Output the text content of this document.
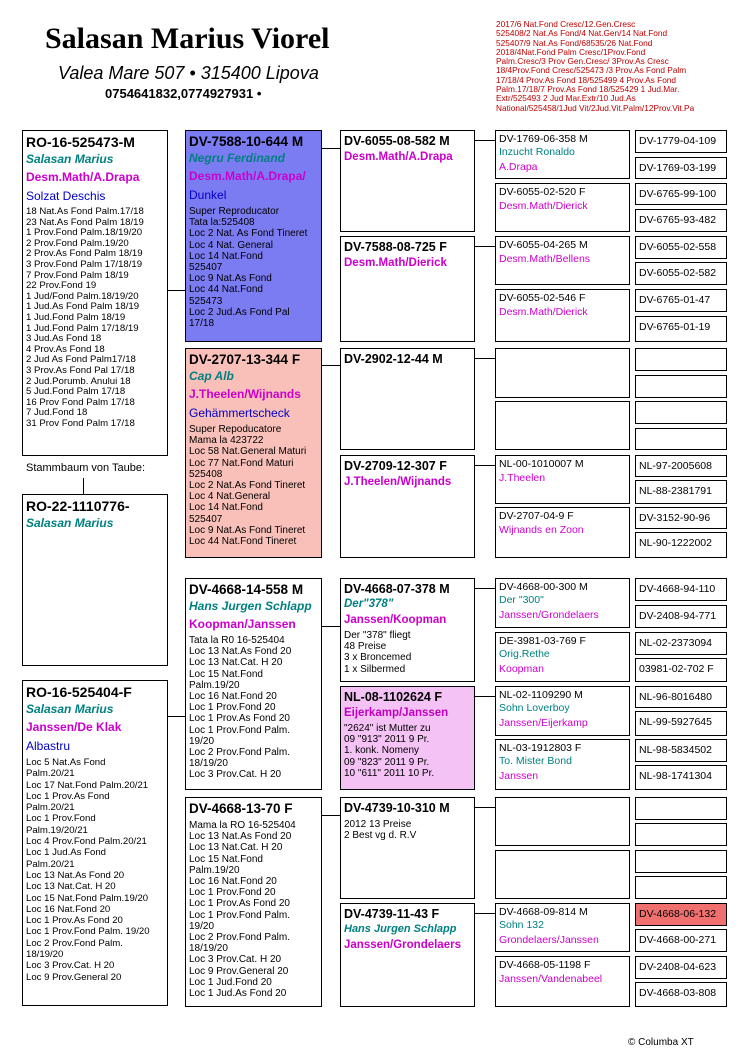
Salasan Marius Viorel
Valea Mare 507 • 315400 Lipova
0754641832,0774927931 •
2017/6 Nat.Fond Cresc/12.Gen.Cresc
525408/2 Nat.As Fond/4 Nat.Gen/14 Nat.Fond
525407/9 Nat.As Fond/68535/26 Nat.Fond
2018/4Nat.Fond Palm Cresc/1Prov.Fond
Palm.Cresc/3 Prov Gen.Cresc/ 3Prov.As Cresc
18/4Prov.Fond Cresc/525473 /3 Prov.As Fond Palm
17/18/4 Prov.As Fond 18/525499 4 Prov.As Fond
Palm.17/18/7 Prov.As Fond 18/525429 1 Jud.Mar.
Extr/525493 2 Jud Mar.Extr/10 Jud.As
National/525458/1Jud Vit/2Jud.Vit.Palm/12Prov.Vit.Pa
RO-16-525473-M
Salasan Marius
Desm.Math/A.Drapa
Solzat Deschis
18 Nat.As Fond Palm.17/18
23 Nat.As Fond Palm 18/19
1 Prov.Fond Palm.18/19/20
2 Prov.Fond Palm.19/20
2 Prov.As Fond Palm 18/19
3 Prov.Fond Palm 17/18/19
7 Prov.Fond Palm 18/19
22 Prov.Fond 19
1 Jud/Fond Palm.18/19/20
1 Jud.As Fond Palm 18/19
1 Jud.Fond Palm 18/19
1 Jud.Fond Palm 17/18/19
3 Jud.As Fond 18
4 Prov.As Fond 18
2 Jud As Fond Palm17/18
3 Prov.As Fond Pal 17/18
2 Jud.Porumb. Anului 18
5 Jud.Fond Palm 17/18
16 Prov Fond Palm 17/18
7 Jud.Fond 18
31 Prov Fond Palm 17/18
Stammbaum von Taube:
RO-22-1110776-
Salasan Marius
RO-16-525404-F
Salasan Marius
Janssen/De Klak
Albastru
Loc 5 Nat.As Fond
Palm.20/21
Loc 17 Nat.Fond Palm.20/21
Loc 1 Prov.As Fond
Palm.20/21
Loc 1 Prov.Fond
Palm.19/20/21
Loc 4 Prov.Fond Palm.20/21
Loc 1 Jud.As Fond
Palm.20/21
Loc 13 Nat.As Fond 20
Loc 13 Nat.Cat. H 20
Loc 15 Nat.Fond Palm.19/20
Loc 16 Nat.Fond 20
Loc 1 Prov.As Fond 20
Loc 1 Prov.Fond Palm. 19/20
Loc 2 Prov.Fond Palm.
18/19/20
Loc 3 Prov.Cat. H 20
Loc 9 Prov.General 20
DV-7588-10-644 M
Negru Ferdinand
Desm.Math/A.Drapa/
Dunkel
Super Reproducator
Tata la:525408
Loc 2 Nat. As Fond Tineret
Loc 4 Nat. General
Loc 14 Nat.Fond
525407
Loc 9 Nat.As Fond
Loc 44 Nat.Fond
525473
Loc 2 Jud.As Fond Pal
17/18
DV-2707-13-344 F
Cap Alb
J.Theelen/Wijnands
Gehämmertscheck
Super Repoducatore
Mama la 423722
Loc 58 Nat.General Maturi
Loc 77 Nat.Fond Maturi
525408
Loc 2 Nat.As Fond Tineret
Loc 4 Nat.General
Loc 14 Nat.Fond
525407
Loc 9 Nat.As Fond Tineret
Loc 44 Nat.Fond Tineret
DV-4668-14-558 M
Hans Jurgen Schlapp
Koopman/Janssen
Tata la R0 16-525404
Loc 13 Nat.As Fond 20
Loc 13 Nat.Cat. H 20
Loc 15 Nat.Fond
Palm.19/20
Loc 16 Nat.Fond 20
Loc 1 Prov.Fond 20
Loc 1 Prov.As Fond 20
Loc 1 Prov.Fond Palm.
19/20
Loc 2 Prov.Fond Palm.
18/19/20
Loc 3 Prov.Cat. H 20
DV-4668-13-70 F
Mama la RO 16-525404
Loc 13 Nat.As Fond 20
Loc 13 Nat.Cat. H 20
Loc 15 Nat.Fond
Palm.19/20
Loc 16 Nat.Fond 20
Loc 1 Prov.Fond 20
Loc 1 Prov.As Fond 20
Loc 1 Prov.Fond Palm.
19/20
Loc 2 Prov.Fond Palm.
18/19/20
Loc 3 Prov.Cat. H 20
Loc 9 Prov.General 20
Loc 1 Jud.Fond 20
Loc 1 Jud.As Fond 20
DV-6055-08-582 M
Desm.Math/A.Drapa
DV-7588-08-725 F
Desm.Math/Dierick
DV-2902-12-44 M
DV-2709-12-307 F
J.Theelen/Wijnands
DV-4668-07-378 M
Der"378"
Janssen/Koopman
Der "378" fliegt
48 Preise
3 x Broncemed
1 x Silbermed
NL-08-1102624 F
Eijerkamp/Janssen
"2624" ist Mutter zu
09 "913" 2011 9 Pr.
1. konk. Nomeny
09 "823" 2011 9 Pr.
10 "611" 2011 10 Pr.
DV-4739-10-310 M
2012 13 Preise
2 Best vg d. R.V
DV-4739-11-43 F
Hans Jurgen Schlapp
Janssen/Grondelaers
DV-1769-06-358 M
Inzucht Ronaldo
A.Drapa
DV-6055-02-520 F
Desm.Math/Dierick
DV-6055-04-265 M
Desm.Math/Bellens
DV-6055-02-546 F
Desm.Math/Dierick
NL-00-1010007 M
J.Theelen
DV-2707-04-9 F
Wijnands en Zoon
DV-4668-00-300 M
Der "300"
Janssen/Grondelaers
DE-3981-03-769 F
Orig.Rethe
Koopman
NL-02-1109290 M
Sohn Loverboy
Janssen/Eijerkamp
NL-03-1912803 F
To. Mister Bond
Janssen
DV-4668-09-814 M
Sohn 132
Grondelaers/Janssen
DV-4668-05-1198 F
Janssen/Vandenabeel
DV-1779-04-109
DV-1769-03-199
DV-6765-99-100
DV-6765-93-482
DV-6055-02-558
DV-6055-02-582
DV-6765-01-47
DV-6765-01-19
NL-97-2005608
NL-88-2381791
DV-3152-90-96
NL-90-1222002
NL-96-8016480
NL-99-5927645
NL-98-5834502
NL-98-1741304
DV-4668-94-110
DV-2408-94-771
NL-02-2373094
03981-02-702 F
DV-4668-06-132
DV-4668-00-271
DV-2408-04-623
DV-4668-03-808
© Columba XT
